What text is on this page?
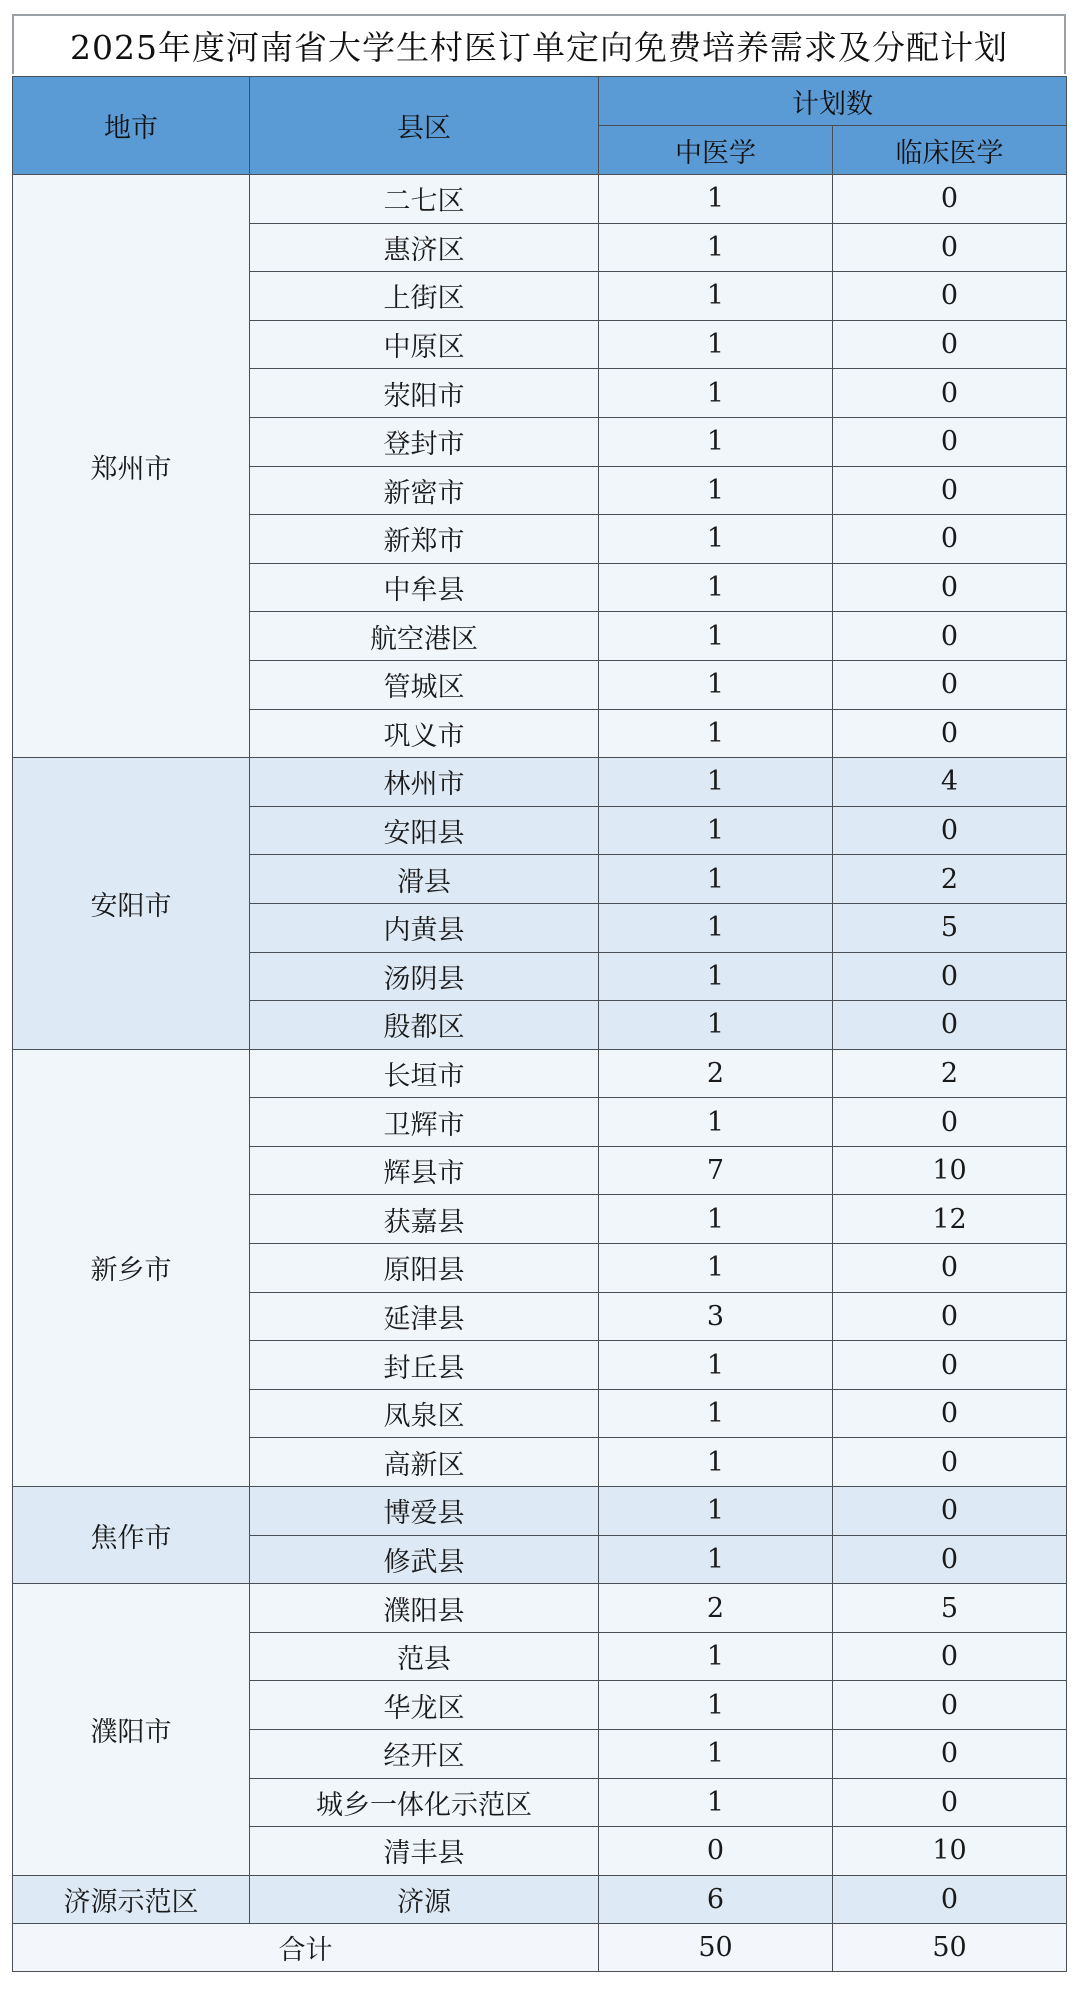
2025年度河南省大学生村医订单定向免费培养需求及分配计划
地市	县区	计划数	
		中医学	临床医学
郑州市	二七区	1	0
	惠济区	1	0
	上街区	1	0
	中原区	1	0
	荥阳市	1	0
	登封市	1	0
	新密市	1	0
	新郑市	1	0
	中牟县	1	0
	航空港区	1	0
	管城区	1	0
	巩义市	1	0
安阳市	林州市	1	4
	安阳县	1	0
	滑县	1	2
	内黄县	1	5
	汤阴县	1	0
	殷都区	1	0
新乡市	长垣市	2	2
	卫辉市	1	0
	辉县市	7	10
	获嘉县	1	12
	原阳县	1	0
	延津县	3	0
	封丘县	1	0
	凤泉区	1	0
	高新区	1	0
焦作市	博爱县	1	0
	修武县	1	0
濮阳市	濮阳县	2	5
	范县	1	0
	华龙区	1	0
	经开区	1	0
	城乡一体化示范区	1	0
	清丰县	0	10
济源示范区	济源	6	0
合计		50	50
